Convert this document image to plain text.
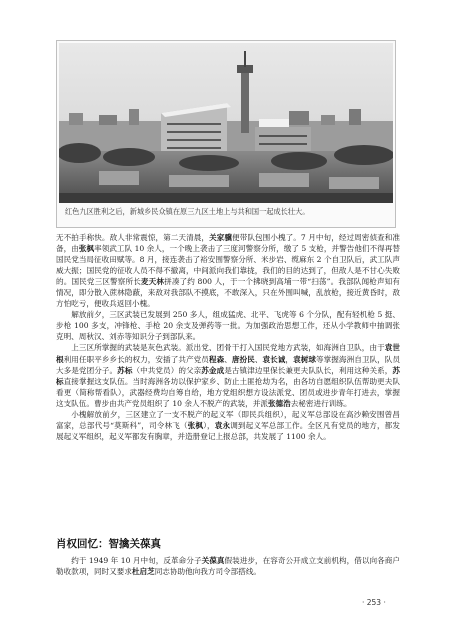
红色九区胜利之后，新城乡民众镇在原三九区土地上与共和国一起成长壮大。

无不拍手称快。敌人非常震惊，第二天清晨，关家骥便带队包围小槐了。7 月中旬，经过周密侦查和准备，由张枫率领武工队 10 余人，一个晚上袭击了三度河警察分所，缴了 5 支枪，并警告他们不得再替国民党当局征收田赋等。8 月，接连袭击了裕安围警察分所、米步岩、缆麻东 2 个自卫队后，武工队声威大振；国民党的征收人员不得不撤离，中间派向我们靠拢，我们的目的达到了，但敌人是不甘心失败的。国民党三区警察所长麦天林拼凑了约 800 人，于一个拂晓到高埔一带“扫荡”。我部队闻枪声知有情况，即分散入蔗林隐蔽，来敌对我部队不摸底，不敢深入，只在外围叫喊，乱放枪，接近黄昏时，敌方怕吃亏，便收兵返回小槐。

解放前夕，三区武装已发展到 250 多人，组成猛虎、北平、飞虎等 6 个分队，配有轻机枪 5 挺、步枪 100 多支，冲锋枪、手枪 20 余支及弹药等一批。为加强政治思想工作，还从小学教师中抽调张克明、周秋汉、刘赤等知识分子到部队来。

上三区所掌握的武装是灰色武装。派出党、团骨干打入国民党地方武装，如海洲自卫队，由于袁世根利用任职平乡乡长的权力，安插了共产党员程森、唐扮民、袁长诚，袁树球等掌握海洲自卫队，队员大多是党团分子。苏标（中共党员）的父亲苏金成是古镇津边里保长兼更夫队队长，利用这种关系，苏标直接掌握这支队伍。当时海洲各坊以保护家乡、防止土匪抢劫为名，由各坊自愿组织队伍帮助更夫队看更（简称帮看队），武器经费均自筹自给，地方党组织想方设法派党、团员或进步青年打进去，掌握这支队伍。曹步由共产党员组织了 10 余人不脱产的武装，并派张德浩去秘密进行训练。

小槐解放前夕，三区建立了一支不脱产的起义军（即民兵组织），起义军总部设在高沙赖安围曾昌富家，总部代号“莫斯科”，司令林飞（张枫），袁永调到起义军总部工作。全区凡有党员的地方，都发展起义军组织，起义军都发有胸章，并造册登记上报总部，共发展了 1100 余人。

肖权回忆：智擒关葆真

约于 1949 年 10 月中旬，反革命分子关葆真假装进步，在容奇公开成立支前机构，借以向各商户勒收款项，同时又要求杜启芝同志协助他向我方司令部搭线。

· 253 ·
